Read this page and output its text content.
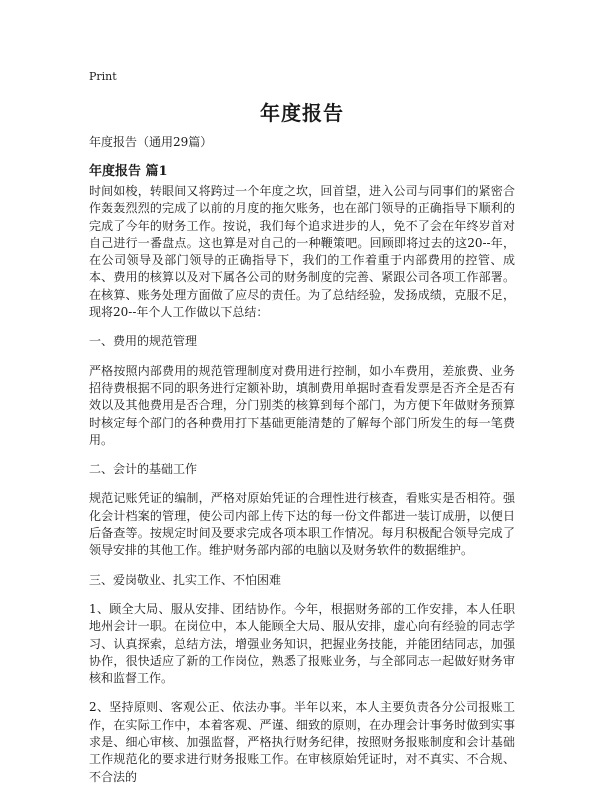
Print
年度报告
年度报告（通用29篇）
年度报告 篇1

时间如梭，转眼间又将跨过一个年度之坎，回首望，进入公司与同事们的紧密合作轰轰烈烈的完成了以前的月度的拖欠账务，也在部门领导的正确指导下顺利的完成了今年的财务工作。按说，我们每个追求进步的人，免不了会在年终岁首对自己进行一番盘点。这也算是对自己的一种鞭策吧。回顾即将过去的这20--年，在公司领导及部门领导的正确指导下，我们的工作着重于内部费用的控管、成本、费用的核算以及对下属各公司的财务制度的完善、紧跟公司各项工作部署。在核算、账务处理方面做了应尽的责任。为了总结经验，发扬成绩，克服不足，现将20--年个人工作做以下总结：

一、费用的规范管理

严格按照内部费用的规范管理制度对费用进行控制，如小车费用，差旅费、业务招待费根据不同的职务进行定额补助，填制费用单据时查看发票是否齐全是否有效以及其他费用是否合理，分门别类的核算到每个部门，为方便下年做财务预算时核定每个部门的各种费用打下基础更能清楚的了解每个部门所发生的每一笔费用。

二、会计的基础工作

规范记账凭证的编制，严格对原始凭证的合理性进行核查，看账实是否相符。强化会计档案的管理，使公司内部上传下达的每一份文件都进一装订成册，以便日后备查等。按规定时间及要求完成各项本职工作情况。每月积极配合领导完成了领导安排的其他工作。维护财务部内部的电脑以及财务软件的数据维护。

三、爱岗敬业、扎实工作、不怕困难

1、顾全大局、服从安排、团结协作。今年，根据财务部的工作安排，本人任职地州会计一职。在岗位中，本人能顾全大局、服从安排，虚心向有经验的同志学习、认真探索，总结方法，增强业务知识，把握业务技能，并能团结同志，加强协作，很快适应了新的工作岗位，熟悉了报账业务，与全部同志一起做好财务审核和监督工作。

2、坚持原则、客观公正、依法办事。半年以来，本人主要负责各分公司报账工作，在实际工作中，本着客观、严谨、细致的原则，在办理会计事务时做到实事求是、细心审核、加强监督，严格执行财务纪律，按照财务报账制度和会计基础工作规范化的要求进行财务报账工作。在审核原始凭证时，对不真实、不合规、不合法的
